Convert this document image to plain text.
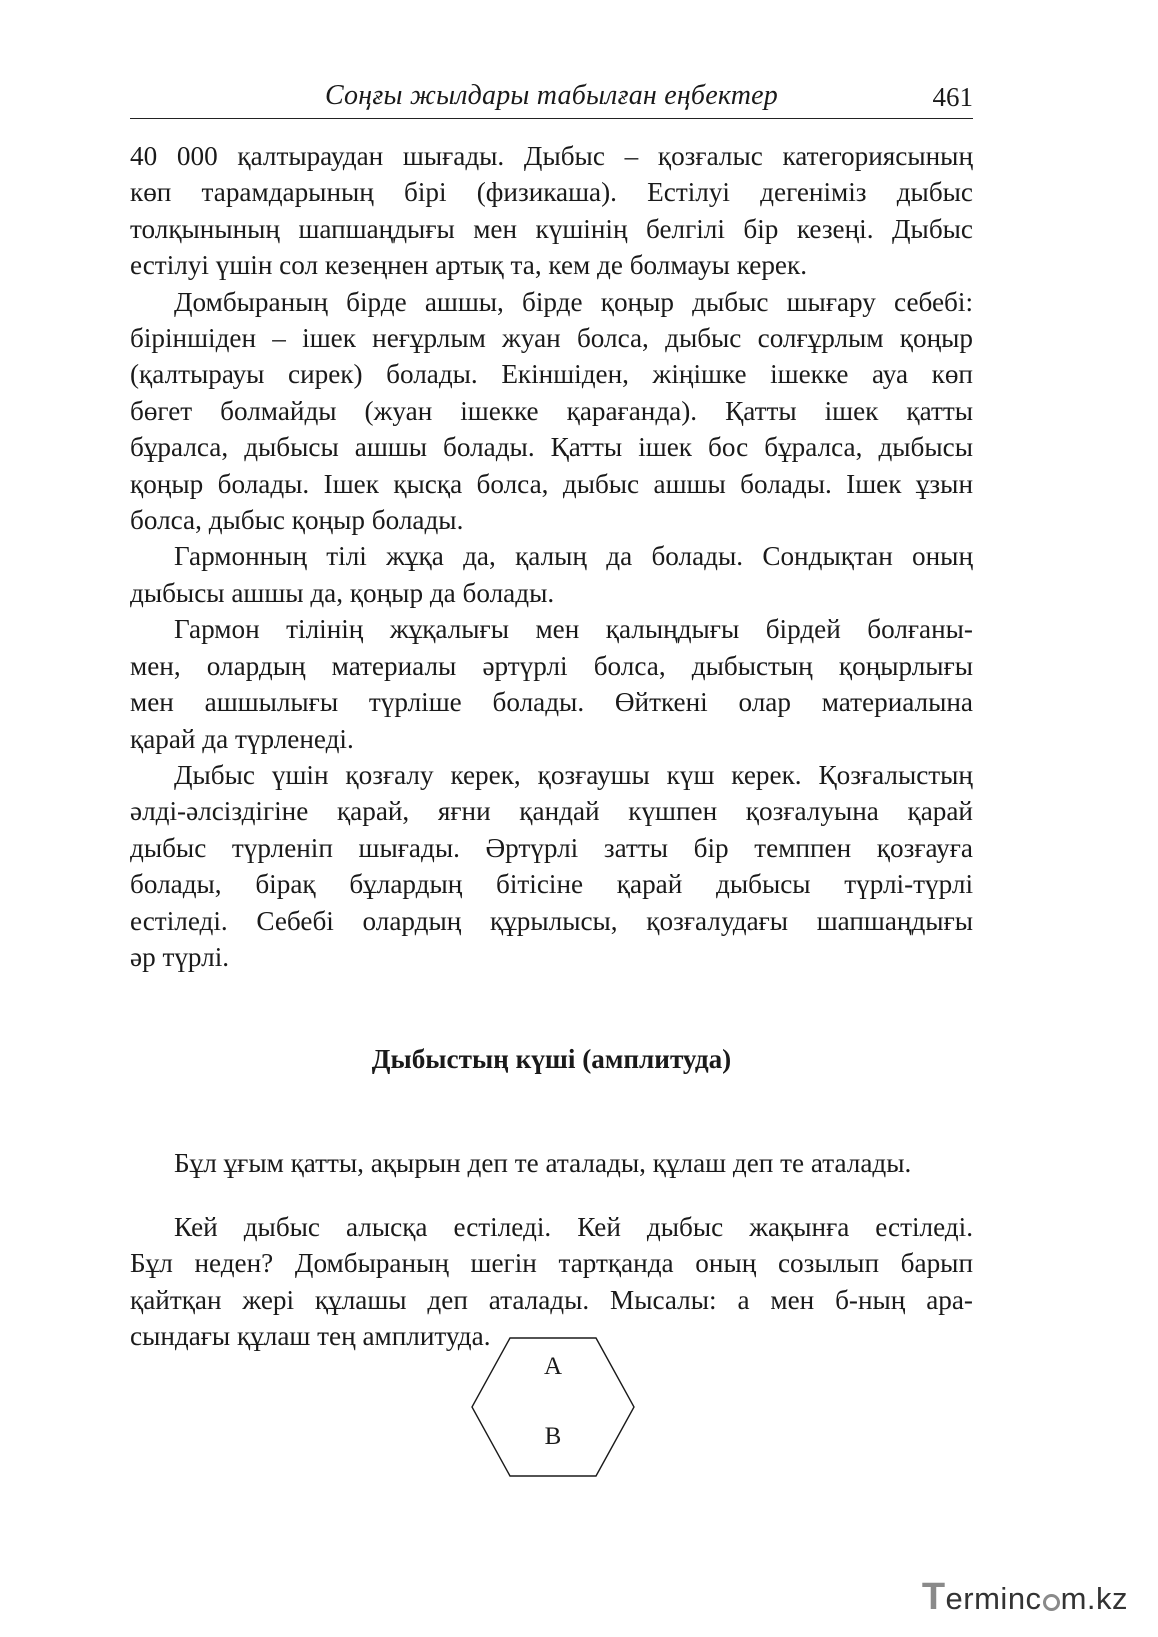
Соңғы жылдары табылған еңбектер	461

40 000 қалтыраудан шығады. Дыбыс – қозғалыс категориясының
көп тарамдарының бірі (физикаша). Естілуі дегеніміз дыбыс
толқынының шапшаңдығы мен күшінің белгілі бір кезеңі. Дыбыс
естілуі үшін сол кезеңнен артық та, кем де болмауы керек.

Домбыраның бірде ашшы, бірде қоңыр дыбыс шығару себебі:
біріншіден – ішек неғұрлым жуан болса, дыбыс солғұрлым қоңыр
(қалтырауы сирек) болады. Екіншіден, жіңішке ішекке ауа көп
бөгет болмайды (жуан ішекке қарағанда). Қатты ішек қатты
бұралса, дыбысы ашшы болады. Қатты ішек бос бұралса, дыбысы
қоңыр болады. Ішек қысқа болса, дыбыс ашшы болады. Ішек ұзын
болса, дыбыс қоңыр болады.

Гармонның тілі жұқа да, қалың да болады. Сондықтан оның
дыбысы ашшы да, қоңыр да болады.

Гармон тілінің жұқалығы мен қалыңдығы бірдей болғаны-
мен, олардың материалы әртүрлі болса, дыбыстың қоңырлығы
мен ашшылығы түрліше болады. Өйткені олар материалына
қарай да түрленеді.

Дыбыс үшін қозғалу керек, қозғаушы күш керек. Қозғалыстың
әлді-әлсіздігіне қарай, яғни қандай күшпен қозғалуына қарай
дыбыс түрленіп шығады. Әртүрлі затты бір темппен қозғауға
болады, бірақ бұлардың бітісіне қарай дыбысы түрлі-түрлі
естіледі. Себебі олардың құрылысы, қозғалудағы шапшаңдығы
әр түрлі.

Дыбыстың күші (амплитуда)

Бұл ұғым қатты, ақырын деп те аталады, құлаш деп те аталады.

Кей дыбыс алысқа естіледі. Кей дыбыс жақынға естіледі.
Бұл неден? Домбыраның шегін тартқанда оның созылып барып
қайтқан жері құлашы деп аталады. Мысалы: а мен б-ның ара-
сындағы құлаш тең амплитуда.

A
B
Terminc m.kz
